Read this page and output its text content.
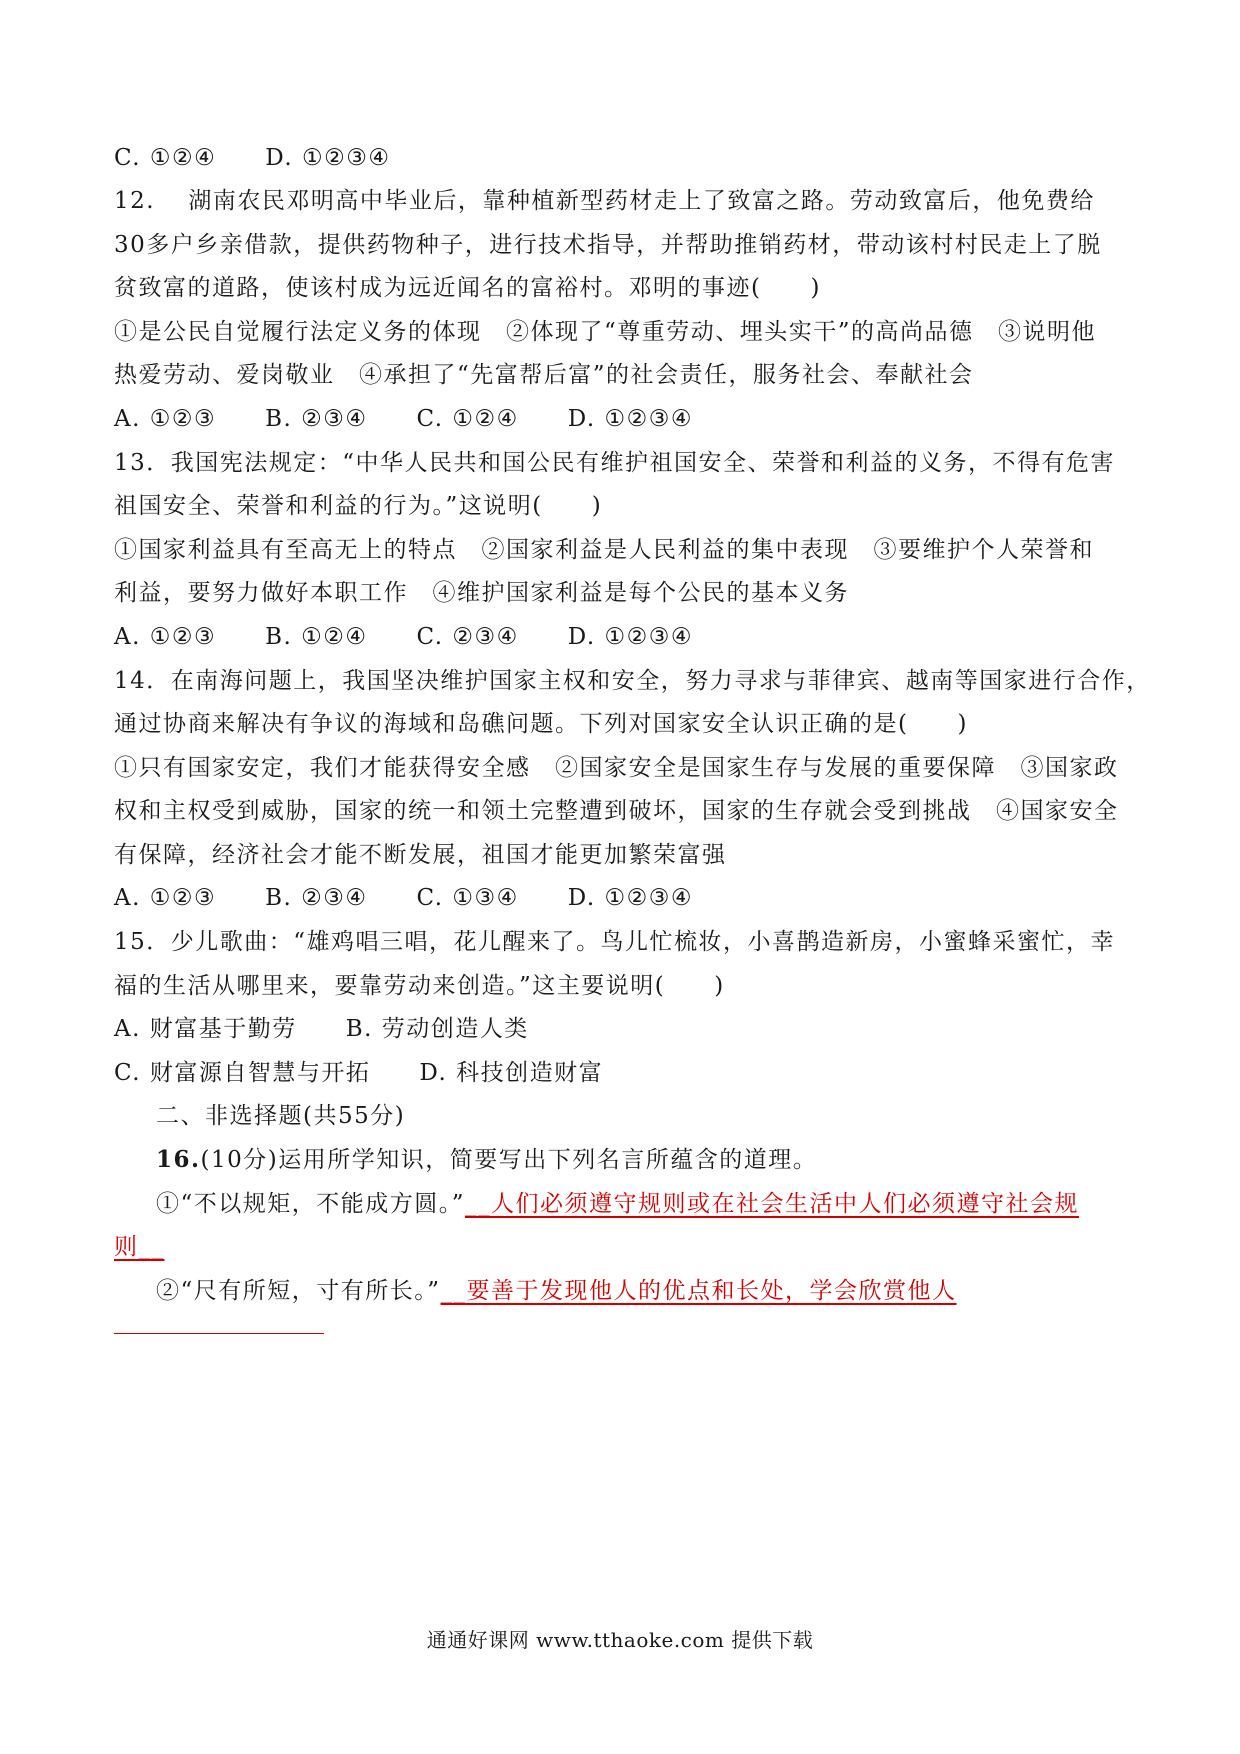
C. ①②④　　D. ①②③④
12.　 湖南农民邓明高中毕业后，靠种植新型药材走上了致富之路。劳动致富后，他免费给
30多户乡亲借款，提供药物种子，进行技术指导，并帮助推销药材，带动该村村民走上了脱
贫致富的道路，使该村成为远近闻名的富裕村。邓明的事迹(　　)
①是公民自觉履行法定义务的体现　②体现了“尊重劳动、埋头实干”的高尚品德　③说明他
热爱劳动、爱岗敬业　④承担了“先富帮后富”的社会责任，服务社会、奉献社会
A. ①②③　　B. ②③④　　C. ①②④　　D. ①②③④
13．我国宪法规定：“中华人民共和国公民有维护祖国安全、荣誉和利益的义务，不得有危害
祖国安全、荣誉和利益的行为。”这说明(　　)
①国家利益具有至高无上的特点　②国家利益是人民利益的集中表现　③要维护个人荣誉和
利益，要努力做好本职工作　④维护国家利益是每个公民的基本义务
A. ①②③　　B. ①②④　　C. ②③④　　D. ①②③④
14．在南海问题上，我国坚决维护国家主权和安全，努力寻求与菲律宾、越南等国家进行合作，
通过协商来解决有争议的海域和岛礁问题。下列对国家安全认识正确的是(　　)
①只有国家安定，我们才能获得安全感　②国家安全是国家生存与发展的重要保障　③国家政
权和主权受到威胁，国家的统一和领土完整遭到破坏，国家的生存就会受到挑战　④国家安全
有保障，经济社会才能不断发展，祖国才能更加繁荣富强
A. ①②③　　B. ②③④　　C. ①③④　　D. ①②③④
15．少儿歌曲：“雄鸡唱三唱，花儿醒来了。鸟儿忙梳妆，小喜鹊造新房，小蜜蜂采蜜忙，幸
福的生活从哪里来，要靠劳动来创造。”这主要说明(　　)
A. 财富基于勤劳　　B. 劳动创造人类
C. 财富源自智慧与开拓　　D. 科技创造财富
二、非选择题(共55分)
16.(10分)运用所学知识，简要写出下列名言所蕴含的道理。
①“不以规矩，不能成方圆。”__人们必须遵守规则或在社会生活中人们必须遵守社会规
则__
②“尺有所短，寸有所长。”__要善于发现他人的优点和长处，学会欣赏他人
通通好课网 www.tthaoke.com 提供下载
